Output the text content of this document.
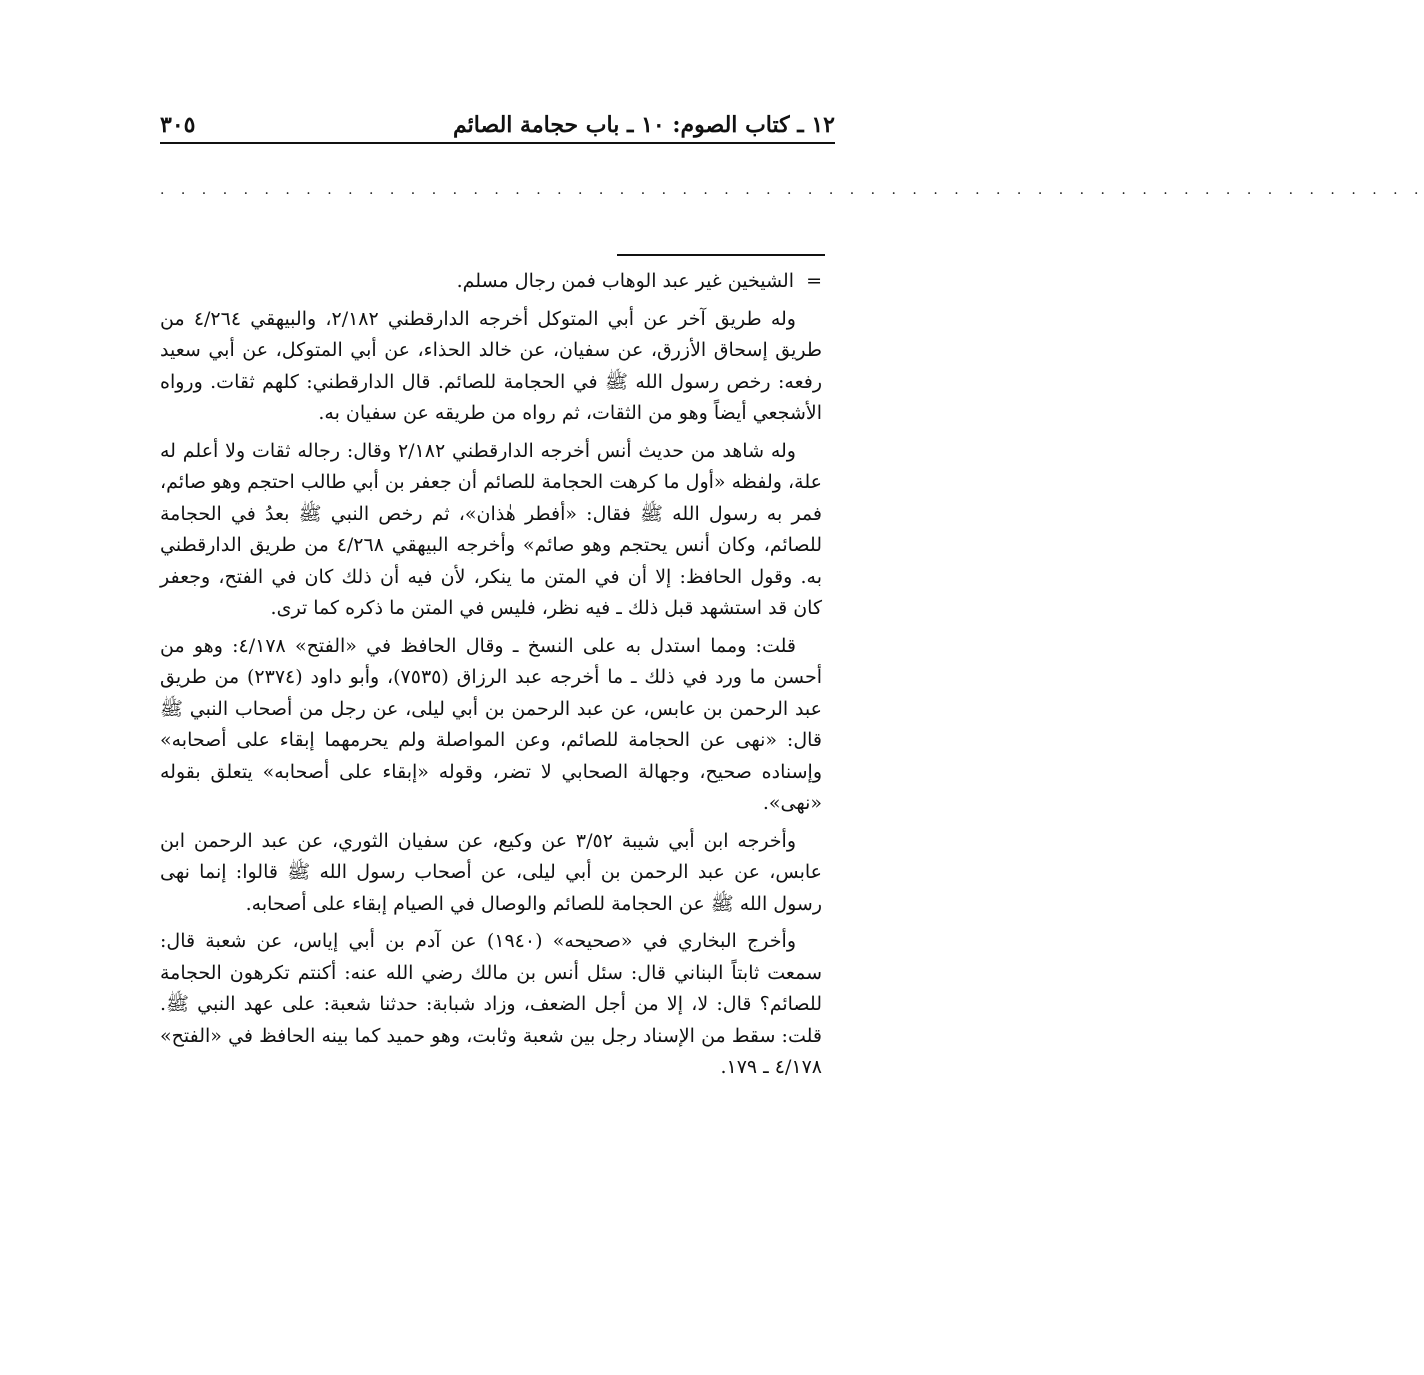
١٢ ـ كتاب الصوم: ١٠ ـ باب حجامة الصائم
٣٠٥
· · · · · · · · · · · · · · · · · · · · · · · · · · · · · · · · · · · · · · · · · · · · · · · · · · · · · · · · · · · · ·

=
الشيخين غير عبد الوهاب فمن رجال مسلم.

وله طريق آخر عن أبي المتوكل أخرجه الدارقطني ٢/١٨٢، والبيهقي ٤/٢٦٤ من طريق إسحاق الأزرق، عن سفيان، عن خالد الحذاء، عن أبي المتوكل، عن أبي سعيد رفعه: رخص رسول الله ﷺ في الحجامة للصائم. قال الدارقطني: كلهم ثقات. ورواه الأشجعي أيضاً وهو من الثقات، ثم رواه من طريقه عن سفيان به.

وله شاهد من حديث أنس أخرجه الدارقطني ٢/١٨٢ وقال: رجاله ثقات ولا أعلم له علة، ولفظه «أول ما كرهت الحجامة للصائم أن جعفر بن أبي طالب احتجم وهو صائم، فمر به رسول الله ﷺ فقال: «أفطر هٰذان»، ثم رخص النبي ﷺ بعدُ في الحجامة للصائم، وكان أنس يحتجم وهو صائم» وأخرجه البيهقي ٤/٢٦٨ من طريق الدارقطني به. وقول الحافظ: إلا أن في المتن ما ينكر، لأن فيه أن ذلك كان في الفتح، وجعفر كان قد استشهد قبل ذلك ـ فيه نظر، فليس في المتن ما ذكره كما ترى.

قلت: ومما استدل به على النسخ ـ وقال الحافظ في «الفتح» ٤/١٧٨: وهو من أحسن ما ورد في ذلك ـ ما أخرجه عبد الرزاق (٧٥٣٥)، وأبو داود (٢٣٧٤) من طريق عبد الرحمن بن عابس، عن عبد الرحمن بن أبي ليلى، عن رجل من أصحاب النبي ﷺ قال: «نهى عن الحجامة للصائم، وعن المواصلة ولم يحرمهما إبقاء على أصحابه» وإسناده صحيح، وجهالة الصحابي لا تضر، وقوله «إبقاء على أصحابه» يتعلق بقوله «نهى».

وأخرجه ابن أبي شيبة ٣/٥٢ عن وكيع، عن سفيان الثوري، عن عبد الرحمن ابن عابس، عن عبد الرحمن بن أبي ليلى، عن أصحاب رسول الله ﷺ قالوا: إنما نهى رسول الله ﷺ عن الحجامة للصائم والوصال في الصيام إبقاء على أصحابه.

وأخرج البخاري في «صحيحه» (١٩٤٠) عن آدم بن أبي إياس، عن شعبة قال: سمعت ثابتاً البناني قال: سئل أنس بن مالك رضي الله عنه: أكنتم تكرهون الحجامة للصائم؟ قال: لا، إلا من أجل الضعف، وزاد شبابة: حدثنا شعبة: على عهد النبي ﷺ. قلت: سقط من الإسناد رجل بين شعبة وثابت، وهو حميد كما بينه الحافظ في «الفتح» ٤/١٧٨ ـ ١٧٩.
